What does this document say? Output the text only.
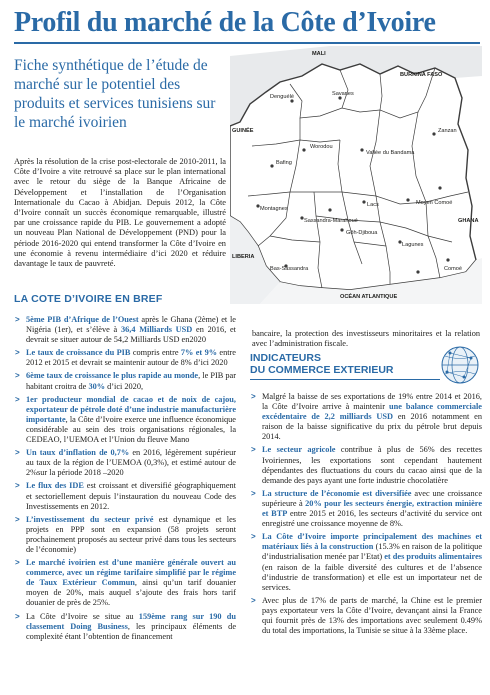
Profil du marché de la Côte d’Ivoire
Fiche synthétique de l’étude de marché sur le potentiel des produits et services tunisiens sur le marché ivoirien
Après la résolution de la crise post-electorale de 2010-2011, la Côte d’Ivoire a vite retrouvé sa place sur le plan international avec le retour du siège de la Banque Africaine de Développement et l’installation de l’Organisation Internationale du Cacao à Abidjan. Depuis 2012, la Côte d’Ivoire connaît un succès économique remarquable, illustré par une croissance rapide du PIB. Le gouvernement a adopté un nouveau Plan National de Développement (PND) pour la période 2016-2020 qui entend transformer la Côte d’Ivoire en une économie à revenu intermédiaire d’ici 2020 et réduire davantage le taux de pauvreté.
MALI
BURKINA FASO
GUINÉE
GHANA
LIBERIA
OCÉAN ATLANTIQUE
Denguélé	Savanes
Zanzan
Worodou
Bafing
Vallée du Bandama
Montagnes
Lacs	Moyen Comoé
Sassandra-Marahoué
Gôh-Djiboua
Lagunes
Bas-Sassandra	Comoé
LA COTE D’IVOIRE EN BREF
> 5ème PIB d’Afrique de l’Ouest après le Ghana (2ème) et le Nigéria (1er), et s’élève à 36,4 Milliards USD en 2016, et devrait se situer autour de 54,2 Milliards USD en2020
> Le taux de croissance du PIB compris entre 7% et 9% entre 2012 et 2015 et devrait se maintenir autour de 8% d’ici 2020
> 6ème taux de croissance le plus rapide au monde, le PIB par habitant croitra de 30% d’ici 2020,
> 1er producteur mondial de cacao et de noix de cajou, exportateur de pétrole doté d’une industrie manufacturière importante, la Côte d’Ivoire exerce une influence économique considérable au sein des trois organisations régionales, la CEDEAO, l’UEMOA et l’Union du fleuve Mano
> Un taux d’inflation de 0,7% en 2016, légèrement supérieur au taux de la région de l’UEMOA (0,3%), et estimé autour de 2%sur la période 2018 –2020
> Le flux des IDE est croissant et diversifié géographiquement et sectoriellement depuis l’instauration du nouveau Code des Investissements en 2012.
> L’investissement du secteur privé est dynamique et les projets en PPP sont en expansion (58 projets seront prochainement proposés au secteur privé dans tous les secteurs de l’économie)
> Le marché ivoirien est d’une manière générale ouvert au commerce, avec un régime tarifaire simplifié par le régime de Taux Extérieur Commun, ainsi qu’un tarif douanier moyen de 20%, mais auquel s’ajoute des frais hors tarif douanier de près de 25%.
> La Côte d’Ivoire se situe au 159ème rang sur 190 du classement Doing Business, les principaux éléments de complexité étant l’obtention de financement
bancaire, la protection des investisseurs minoritaires et la relation avec l’administration fiscale.
INDICATEURS
DU COMMERCE EXTERIEUR
> Malgré la baisse de ses exportations de 19% entre 2014 et 2016, la Côte d’Ivoire arrive à maintenir une balance commerciale excédentaire de 2,2 milliards USD en 2016 notamment en raison de la baisse significative du prix du pétrole brut depuis 2014.
> Le secteur agricole contribue à plus de 56% des recettes Ivoiriennes, les exportations sont cependant hautement dépendantes des fluctuations du cours du cacao ainsi que de la demande des pays ayant une forte industrie chocolatière
> La structure de l’économie est diversifiée avec une croissance supérieure à 20% pour les secteurs énergie, extraction minière et BTP entre 2015 et 2016, les secteurs d’activité du service ont enregistré une croissance moyenne de 8%.
> La Côte d’Ivoire importe principalement des machines et matériaux liés à la construction (15.3% en raison de la politique d’industrialisation menée par l’Etat) et des produits alimentaires (en raison de la faible diversité des cultures et de l’absence d’industrie de transformation) et elle est un importateur net de services.
> Avec plus de 17% de parts de marché, la Chine est le premier pays exportateur vers la Côte d’Ivoire, devançant ainsi la France qui fournit près de 13% des importations avec seulement 0.49% du total des importations, la Tunisie se situe à la 33ème place.
